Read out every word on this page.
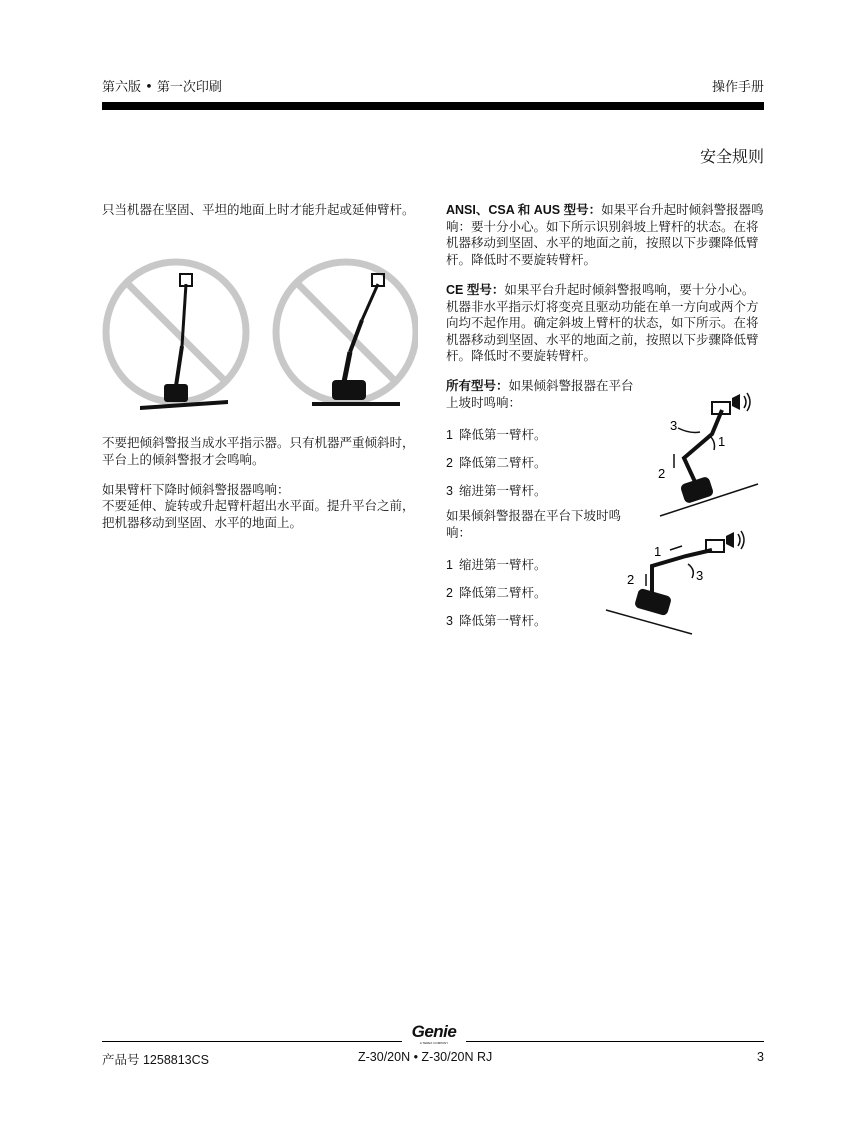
第六版 • 第一次印刷	操作手册
安全规则
只当机器在坚固、平坦的地面上时才能升起或延伸臂杆。
不要把倾斜警报当成水平指示器。只有机器严重倾斜时，平台上的倾斜警报才会鸣响。
如果臂杆下降时倾斜警报器鸣响：
不要延伸、旋转或升起臂杆超出水平面。提升平台之前，把机器移动到坚固、水平的地面上。
ANSI、CSA 和 AUS 型号：如果平台升起时倾斜警报器鸣响：要十分小心。如下所示识别斜坡上臂杆的状态。在将机器移动到坚固、水平的地面之前，按照以下步骤降低臂杆。降低时不要旋转臂杆。
CE 型号：如果平台升起时倾斜警报鸣响，要十分小心。机器非水平指示灯将变亮且驱动功能在单一方向或两个方向均不起作用。确定斜坡上臂杆的状态，如下所示。在将机器移动到坚固、水平的地面之前，按照以下步骤降低臂杆。降低时不要旋转臂杆。
所有型号：如果倾斜警报器在平台上坡时鸣响：
1 降低第一臂杆。
2 降低第二臂杆。
3 缩进第一臂杆。
如果倾斜警报器在平台下坡时鸣响：
1 缩进第一臂杆。
2 降低第二臂杆。
3 降低第一臂杆。
3
1
2
1
2	3
Genie
A TEREX COMPANY
产品号 1258813CS	Z-30/20N • Z-30/20N RJ	3
